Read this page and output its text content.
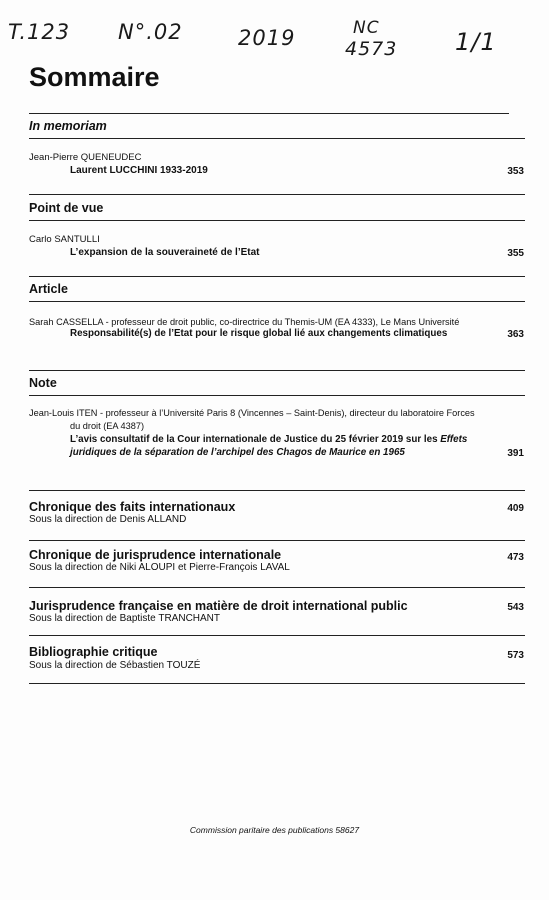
T.123 N°.02	2019	NC
4573 1/1
Sommaire
In memoriam
Jean-Pierre QUENEUDEC
Laurent LUCCHINI 1933-2019	353
Point de vue
Carlo SANTULLI
L’expansion de la souveraineté de l’Etat	355
Article
Sarah CASSELLA - professeur de droit public, co-directrice du Themis-UM (EA 4333), Le Mans Université
Responsabilité(s) de l’Etat pour le risque global lié aux changements climatiques	363
Note
Jean-Louis ITEN - professeur à l’Université Paris 8 (Vincennes – Saint-Denis), directeur du laboratoire Forces
du droit (EA 4387)
L’avis consultatif de la Cour internationale de Justice du 25 février 2019 sur les Effets
juridiques de la séparation de l’archipel des Chagos de Maurice en 1965	391
Chronique des faits internationaux	409
Sous la direction de Denis ALLAND
Chronique de jurisprudence internationale	473
Sous la direction de Niki ALOUPI et Pierre-François LAVAL
Jurisprudence française en matière de droit international public	543
Sous la direction de Baptiste TRANCHANT
Bibliographie critique	573
Sous la direction de Sébastien TOUZÉ
Commission paritaire des publications 58627
